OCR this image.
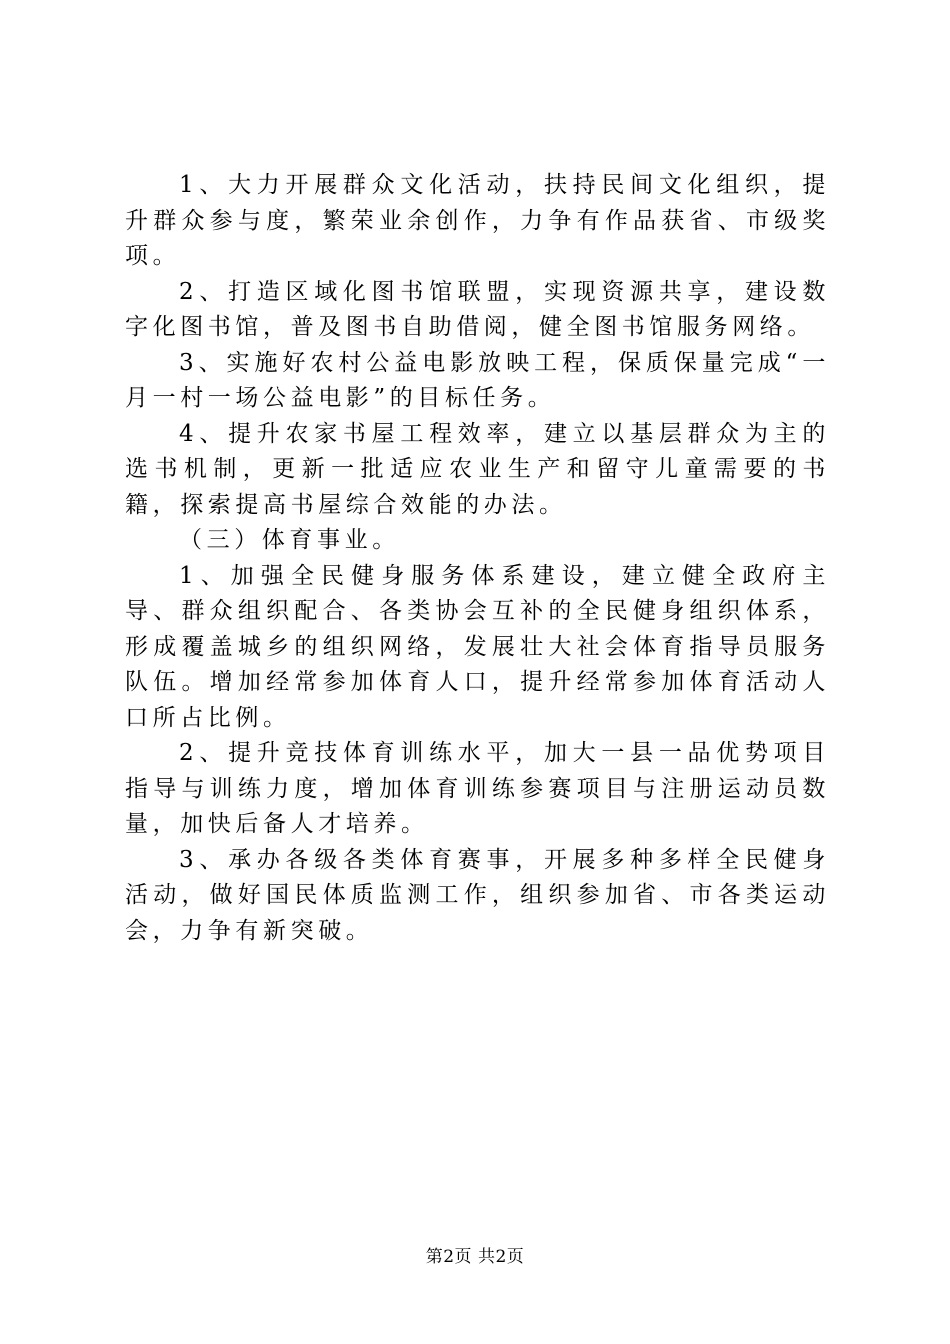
1、大力开展群众文化活动，扶持民间文化组织，提升群众参与度，繁荣业余创作，力争有作品获省、市级奖项。

2、打造区域化图书馆联盟，实现资源共享，建设数字化图书馆，普及图书自助借阅，健全图书馆服务网络。

3、实施好农村公益电影放映工程，保质保量完成“一月一村一场公益电影”的目标任务。

4、提升农家书屋工程效率，建立以基层群众为主的选书机制，更新一批适应农业生产和留守儿童需要的书籍，探索提高书屋综合效能的办法。

（三）体育事业。

1、加强全民健身服务体系建设，建立健全政府主导、群众组织配合、各类协会互补的全民健身组织体系，形成覆盖城乡的组织网络，发展壮大社会体育指导员服务队伍。增加经常参加体育人口，提升经常参加体育活动人口所占比例。

2、提升竞技体育训练水平，加大一县一品优势项目指导与训练力度，增加体育训练参赛项目与注册运动员数量，加快后备人才培养。

3、承办各级各类体育赛事，开展多种多样全民健身活动，做好国民体质监测工作，组织参加省、市各类运动会，力争有新突破。

第2页 共2页
